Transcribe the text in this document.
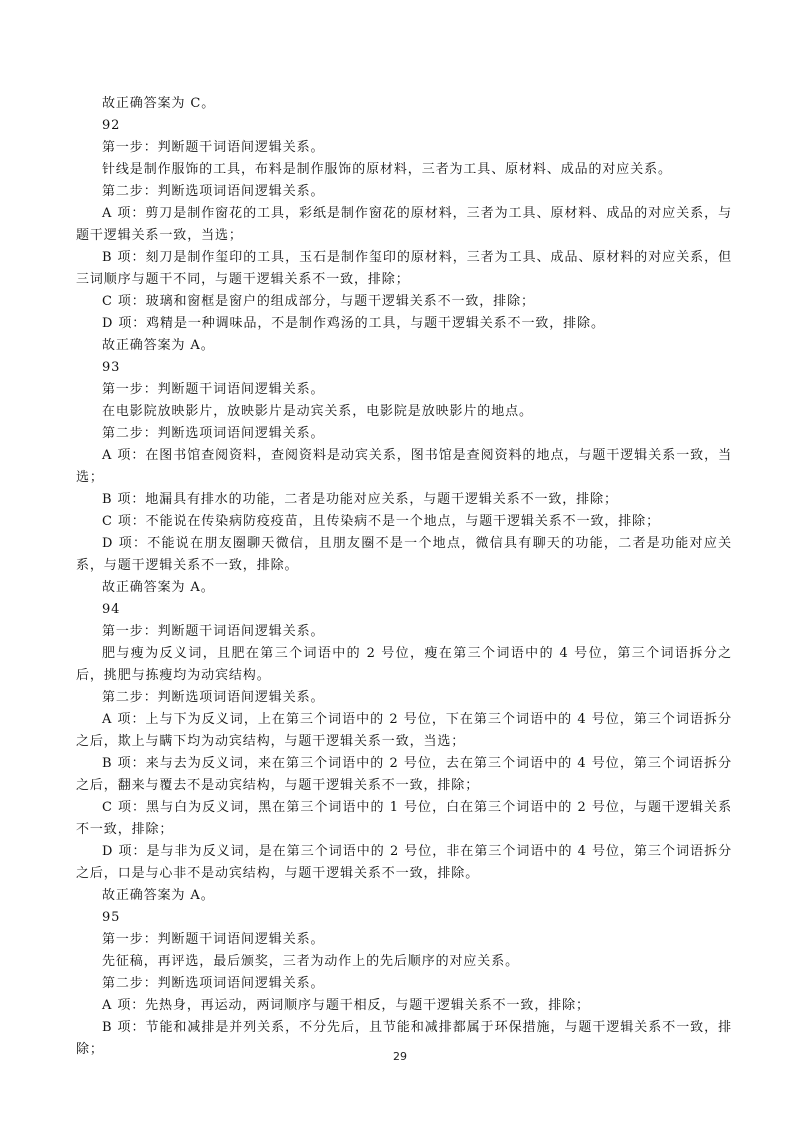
故正确答案为 C。

92

第一步：判断题干词语间逻辑关系。

针线是制作服饰的工具，布料是制作服饰的原材料，三者为工具、原材料、成品的对应关系。

第二步：判断选项词语间逻辑关系。

A 项：剪刀是制作窗花的工具，彩纸是制作窗花的原材料，三者为工具、原材料、成品的对应关系，与题干逻辑关系一致，当选；

B 项：刻刀是制作玺印的工具，玉石是制作玺印的原材料，三者为工具、成品、原材料的对应关系，但三词顺序与题干不同，与题干逻辑关系不一致，排除；

C 项：玻璃和窗框是窗户的组成部分，与题干逻辑关系不一致，排除；

D 项：鸡精是一种调味品，不是制作鸡汤的工具，与题干逻辑关系不一致，排除。

故正确答案为 A。

93

第一步：判断题干词语间逻辑关系。

在电影院放映影片，放映影片是动宾关系，电影院是放映影片的地点。

第二步：判断选项词语间逻辑关系。

A 项：在图书馆查阅资料，查阅资料是动宾关系，图书馆是查阅资料的地点，与题干逻辑关系一致，当选；

B 项：地漏具有排水的功能，二者是功能对应关系，与题干逻辑关系不一致，排除；

C 项：不能说在传染病防疫疫苗，且传染病不是一个地点，与题干逻辑关系不一致，排除；

D 项：不能说在朋友圈聊天微信，且朋友圈不是一个地点，微信具有聊天的功能，二者是功能对应关系，与题干逻辑关系不一致，排除。

故正确答案为 A。

94

第一步：判断题干词语间逻辑关系。

肥与瘦为反义词，且肥在第三个词语中的 2 号位，瘦在第三个词语中的 4 号位，第三个词语拆分之后，挑肥与拣瘦均为动宾结构。

第二步：判断选项词语间逻辑关系。

A 项：上与下为反义词，上在第三个词语中的 2 号位，下在第三个词语中的 4 号位，第三个词语拆分之后，欺上与瞒下均为动宾结构，与题干逻辑关系一致，当选；

B 项：来与去为反义词，来在第三个词语中的 2 号位，去在第三个词语中的 4 号位，第三个词语拆分之后，翻来与覆去不是动宾结构，与题干逻辑关系不一致，排除；

C 项：黑与白为反义词，黑在第三个词语中的 1 号位，白在第三个词语中的 2 号位，与题干逻辑关系不一致，排除；

D 项：是与非为反义词，是在第三个词语中的 2 号位，非在第三个词语中的 4 号位，第三个词语拆分之后，口是与心非不是动宾结构，与题干逻辑关系不一致，排除。

故正确答案为 A。

95

第一步：判断题干词语间逻辑关系。

先征稿，再评选，最后颁奖，三者为动作上的先后顺序的对应关系。

第二步：判断选项词语间逻辑关系。

A 项：先热身，再运动，两词顺序与题干相反，与题干逻辑关系不一致，排除；

B 项：节能和减排是并列关系，不分先后，且节能和减排都属于环保措施，与题干逻辑关系不一致，排除；	29
